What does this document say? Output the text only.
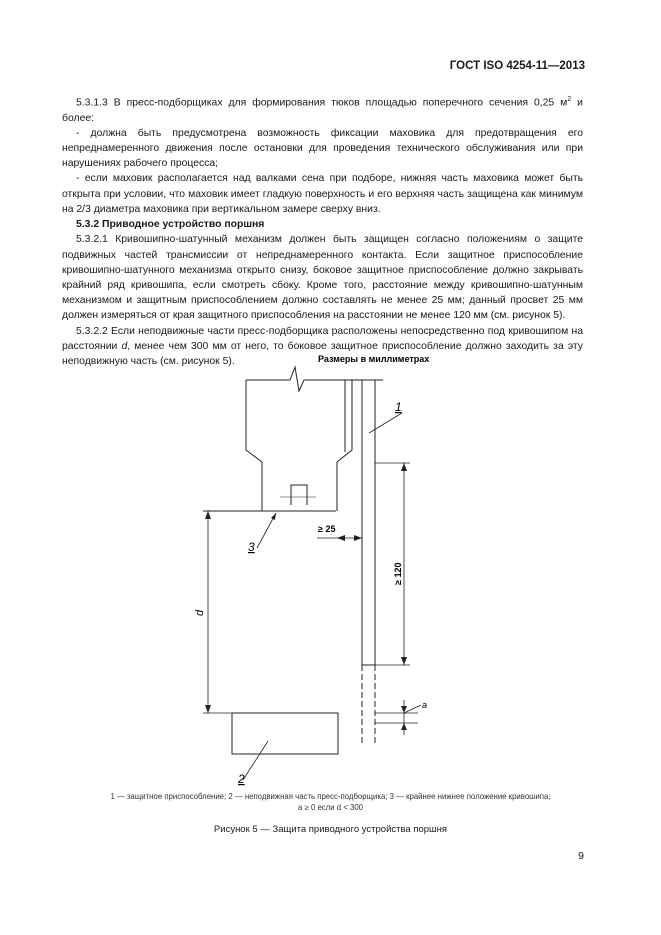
ГОСТ ISO 4254-11—2013

5.3.1.3 В пресс-подборщиках для формирования тюков площадью поперечного сечения 0,25 $м^2$ и более:

- должна быть предусмотрена возможность фиксации маховика для предотвращения его непреднамеренного движения после остановки для проведения технического обслуживания или при нарушениях рабочего процесса;

- если маховик располагается над валками сена при подборе, нижняя часть маховика может быть открыта при условии, что маховик имеет гладкую поверхность и его верхняя часть защищена как минимум на 2/3 диаметра маховика при вертикальном замере сверху вниз.

5.3.2 Приводное устройство поршня

5.3.2.1 Кривошипно-шатунный механизм должен быть защищен согласно положениям о защите подвижных частей трансмиссии от непреднамеренного контакта. Если защитное приспособление кривошипно-шатунного механизма открыто снизу, боковое защитное приспособление должно закрывать крайний ряд кривошипа, если смотреть сбоку. Кроме того, расстояние между кривошипно-шатунным механизмом и защитным приспособлением должно составлять не менее 25 мм; данный просвет 25 мм должен измеряться от края защитного приспособления на расстоянии не менее 120 мм (см. рисунок 5).

5.3.2.2 Если неподвижные части пресс-подборщика расположены непосредственно под кривошипом на расстоянии d, менее чем 300 мм от него, то боковое защитное приспособление должно заходить за эту неподвижную часть (см. рисунок 5).	Размеры в миллиметрах
1
3
2
≥ 25
≥ 120
d
a
1 — защитное приспособление; 2 — неподвижная часть пресс-подборщика; 3 — крайнее нижнее положение кривошипа;
a ≥ 0 если d < 300
Рисунок 5 — Защита приводного устройства поршня
9
